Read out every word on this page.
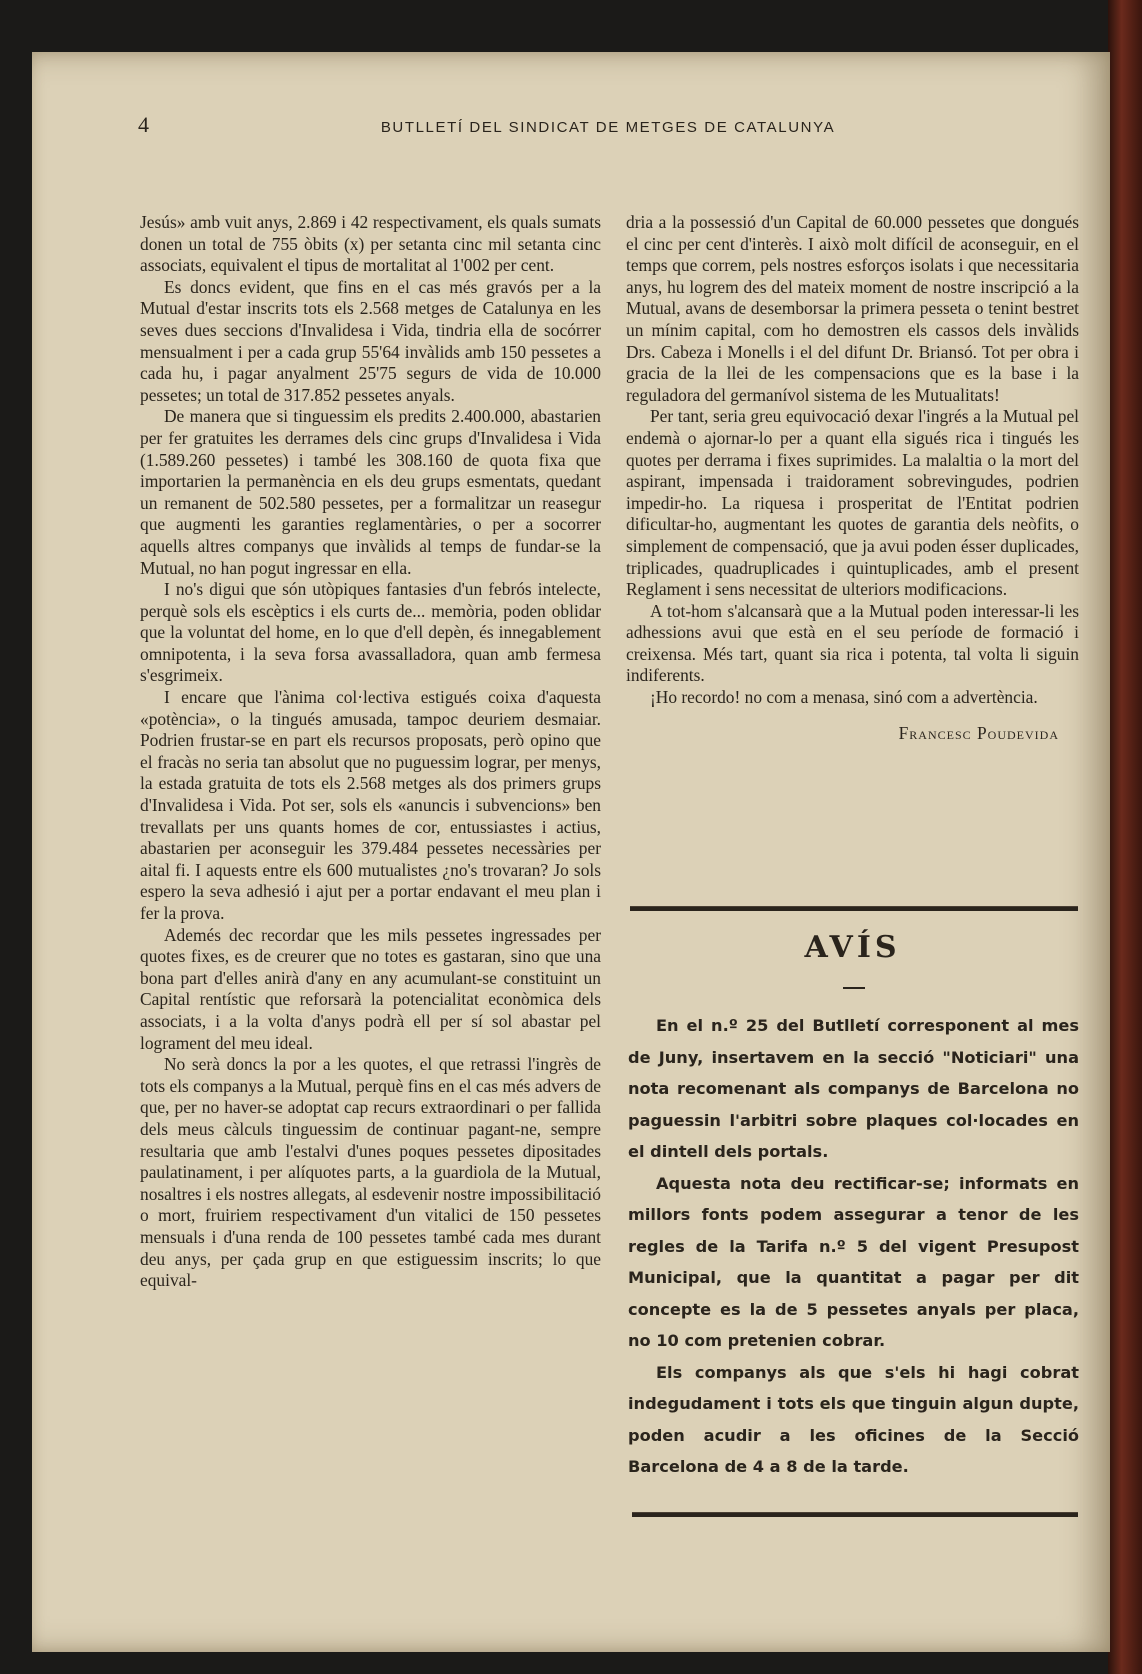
4	BUTLLETÍ DEL SINDICAT DE METGES DE CATALUNYA

Jesús» amb vuit anys, 2.869 i 42 respectivament, els quals sumats donen un total de 755 òbits (x) per setanta cinc mil setanta cinc associats, equivalent el tipus de mortalitat al 1'002 per cent.

Es doncs evident, que fins en el cas més gravós per a la Mutual d'estar inscrits tots els 2.568 metges de Catalunya en les seves dues seccions d'Invalidesa i Vida, tindria ella de socórrer mensualment i per a cada grup 55'64 invàlids amb 150 pessetes a cada hu, i pagar anyalment 25'75 segurs de vida de 10.000 pessetes; un total de 317.852 pessetes anyals.

De manera que si tinguessim els predits 2.400.000, abastarien per fer gratuites les derrames dels cinc grups d'Invalidesa i Vida (1.589.260 pessetes) i també les 308.160 de quota fixa que importarien la permanència en els deu grups esmentats, quedant un remanent de 502.580 pessetes, per a formalitzar un reasegur que augmenti les garanties reglamentàries, o per a socorrer aquells altres companys que invàlids al temps de fundar-se la Mutual, no han pogut ingressar en ella.

I no's digui que són utòpiques fantasies d'un febrós intelecte, perquè sols els escèptics i els curts de... memòria, poden oblidar que la voluntat del home, en lo que d'ell depèn, és innegablement omnipotenta, i la seva forsa avassalladora, quan amb fermesa s'esgrimeix.

I encare que l'ànima col·lectiva estigués coixa d'aquesta «potència», o la tingués amusada, tampoc deuriem desmaiar. Podrien frustar-se en part els recursos proposats, però opino que el fracàs no seria tan absolut que no puguessim lograr, per menys, la estada gratuita de tots els 2.568 metges als dos primers grups d'Invalidesa i Vida. Pot ser, sols els «anuncis i subvencions» ben trevallats per uns quants homes de cor, entussiastes i actius, abastarien per aconseguir les 379.484 pessetes necessàries per aital fi. I aquests entre els 600 mutualistes ¿no's trovaran? Jo sols espero la seva adhesió i ajut per a portar endavant el meu plan i fer la prova.

Ademés dec recordar que les mils pessetes ingressades per quotes fixes, es de creurer que no totes es gastaran, sino que una bona part d'elles anirà d'any en any acumulant-se constituint un Capital rentístic que reforsarà la potencialitat econòmica dels associats, i a la volta d'anys podrà ell per sí sol abastar pel lograment del meu ideal.

No serà doncs la por a les quotes, el que retrassi l'ingrès de tots els companys a la Mutual, perquè fins en el cas més advers de que, per no haver-se adoptat cap recurs extraordinari o per fallida dels meus càlculs tinguessim de continuar pagant-ne, sempre resultaria que amb l'estalvi d'unes poques pessetes dipositades paulatinament, i per alíquotes parts, a la guardiola de la Mutual, nosaltres i els nostres allegats, al esdevenir nostre impossibilitació o mort, fruiriem respectivament d'un vitalici de 150 pessetes mensuals i d'una renda de 100 pessetes també cada mes durant deu anys, per çada grup en que estiguessim inscrits; lo que equival-

dria a la possessió d'un Capital de 60.000 pessetes que dongués el cinc per cent d'interès. I això molt difícil de aconseguir, en el temps que correm, pels nostres esforços isolats i que necessitaria anys, hu logrem des del mateix moment de nostre inscripció a la Mutual, avans de desemborsar la primera pesseta o tenint bestret un mínim capital, com ho demostren els cassos dels invàlids Drs. Cabeza i Monells i el del difunt Dr. Briansó. Tot per obra i gracia de la llei de les compensacions que es la base i la reguladora del germanívol sistema de les Mutualitats!

Per tant, seria greu equivocació dexar l'ingrés a la Mutual pel endemà o ajornar-lo per a quant ella sigués rica i tingués les quotes per derrama i fixes suprimides. La malaltia o la mort del aspirant, impensada i traidorament sobrevingudes, podrien impedir-ho. La riquesa i prosperitat de l'Entitat podrien dificultar-ho, augmentant les quotes de garantia dels neòfits, o simplement de compensació, que ja avui poden ésser duplicades, triplicades, quadruplicades i quintuplicades, amb el present Reglament i sens necessitat de ulteriors modificacions.

A tot-hom s'alcansarà que a la Mutual poden interessar-li les adhessions avui que està en el seu període de formació i creixensa. Més tart, quant sia rica i potenta, tal volta li siguin indiferents.

¡Ho recordo! no com a menasa, sinó com a advertència.

Francesc Poudevida

AVÍS

En el n.º 25 del Butlletí corresponent al mes de Juny, insertavem en la secció "Noticiari" una nota recomenant als companys de Barcelona no paguessin l'arbitri sobre plaques col·locades en el dintell dels portals.

Aquesta nota deu rectificar-se; informats en millors fonts podem assegurar a tenor de les regles de la Tarifa n.º 5 del vigent Presupost Municipal, que la quantitat a pagar per dit concepte es la de 5 pessetes anyals per placa, no 10 com pretenien cobrar.

Els companys als que s'els hi hagi cobrat indegudament i tots els que tinguin algun dupte, poden acudir a les oficines de la Secció Barcelona de 4 a 8 de la tarde.
